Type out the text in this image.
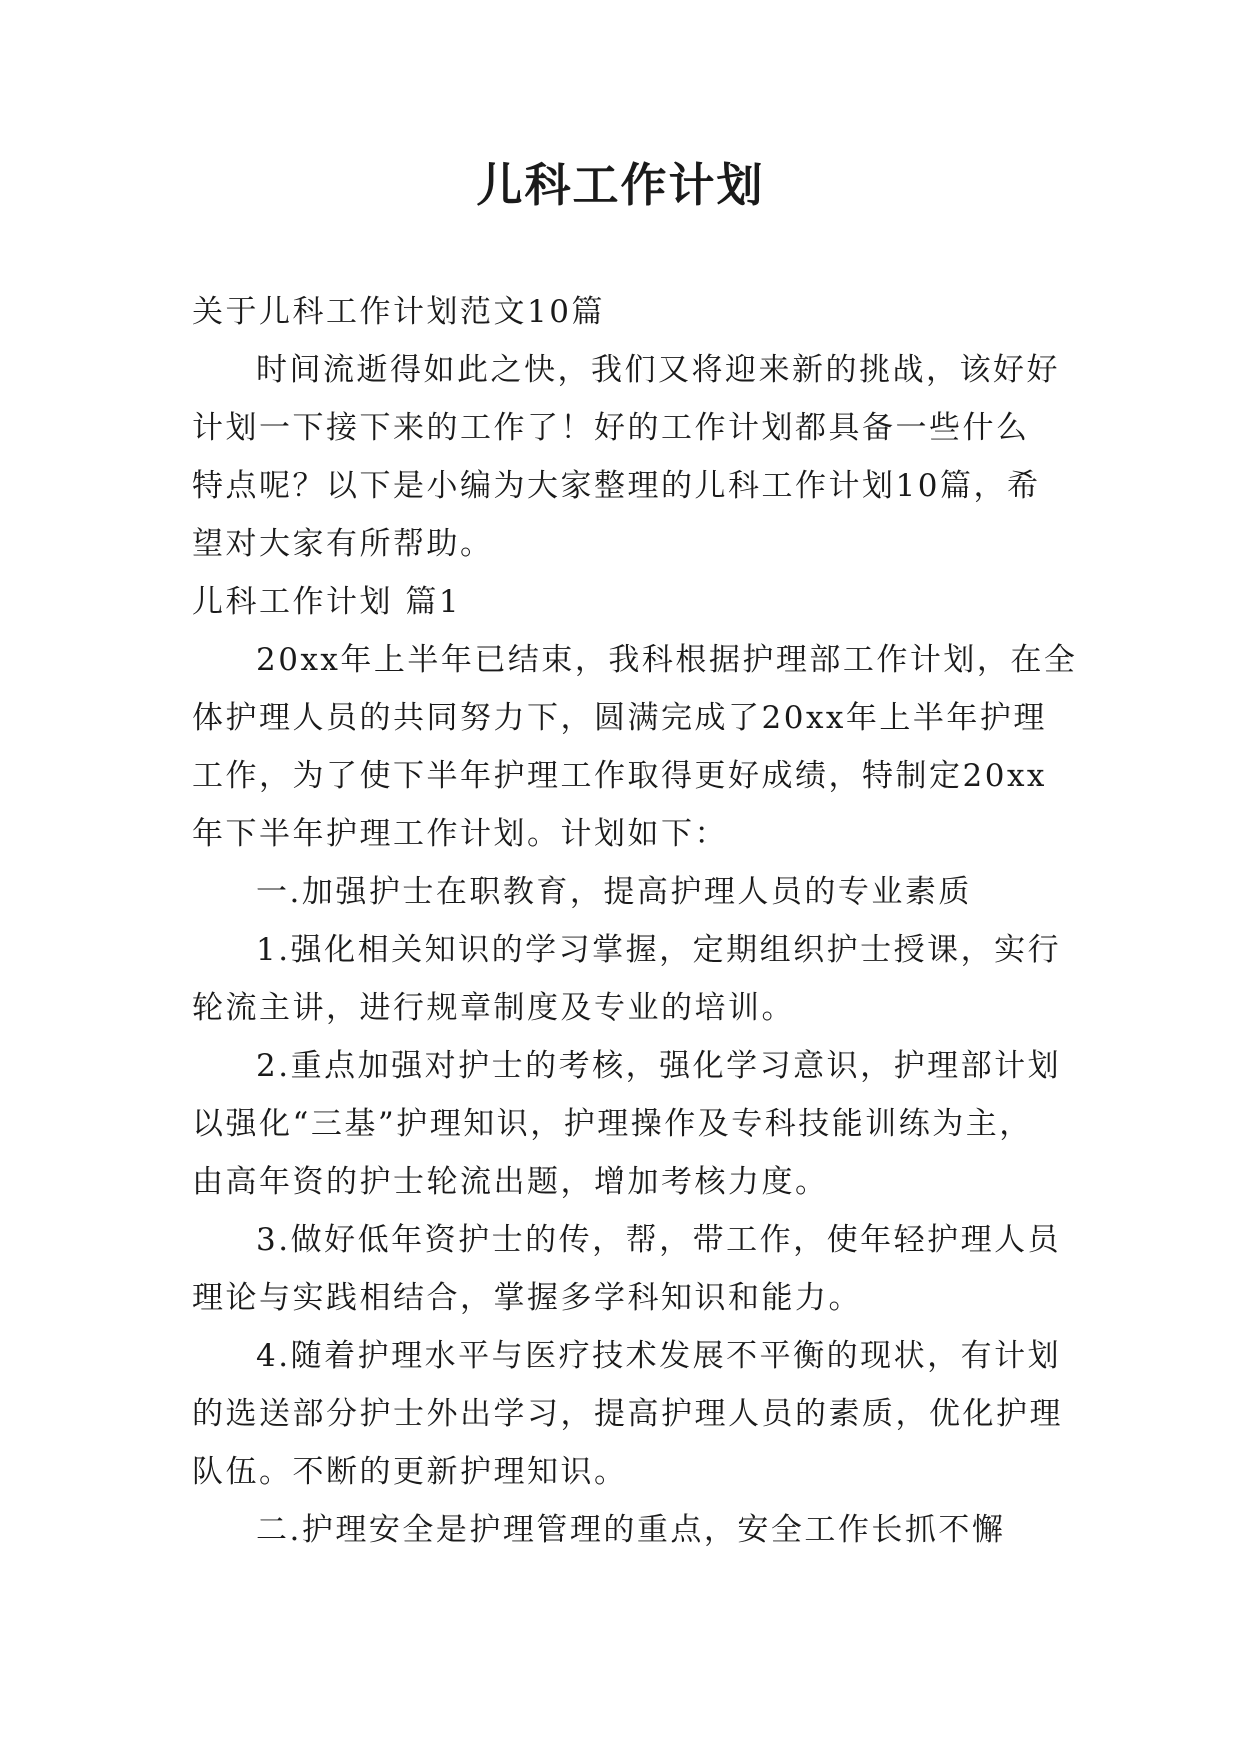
儿科工作计划
关于儿科工作计划范文10篇
时间流逝得如此之快，我们又将迎来新的挑战，该好好
计划一下接下来的工作了！好的工作计划都具备一些什么
特点呢？以下是小编为大家整理的儿科工作计划10篇，希
望对大家有所帮助。
儿科工作计划 篇1
20xx年上半年已结束，我科根据护理部工作计划，在全
体护理人员的共同努力下，圆满完成了20xx年上半年护理
工作，为了使下半年护理工作取得更好成绩，特制定20xx
年下半年护理工作计划。计划如下：
一.加强护士在职教育，提高护理人员的专业素质
1.强化相关知识的学习掌握，定期组织护士授课，实行
轮流主讲，进行规章制度及专业的培训。
2.重点加强对护士的考核，强化学习意识，护理部计划
以强化“三基”护理知识，护理操作及专科技能训练为主，
由高年资的护士轮流出题，增加考核力度。
3.做好低年资护士的传，帮，带工作，使年轻护理人员
理论与实践相结合，掌握多学科知识和能力。
4.随着护理水平与医疗技术发展不平衡的现状，有计划
的选送部分护士外出学习，提高护理人员的素质，优化护理
队伍。不断的更新护理知识。
二.护理安全是护理管理的重点，安全工作长抓不懈
